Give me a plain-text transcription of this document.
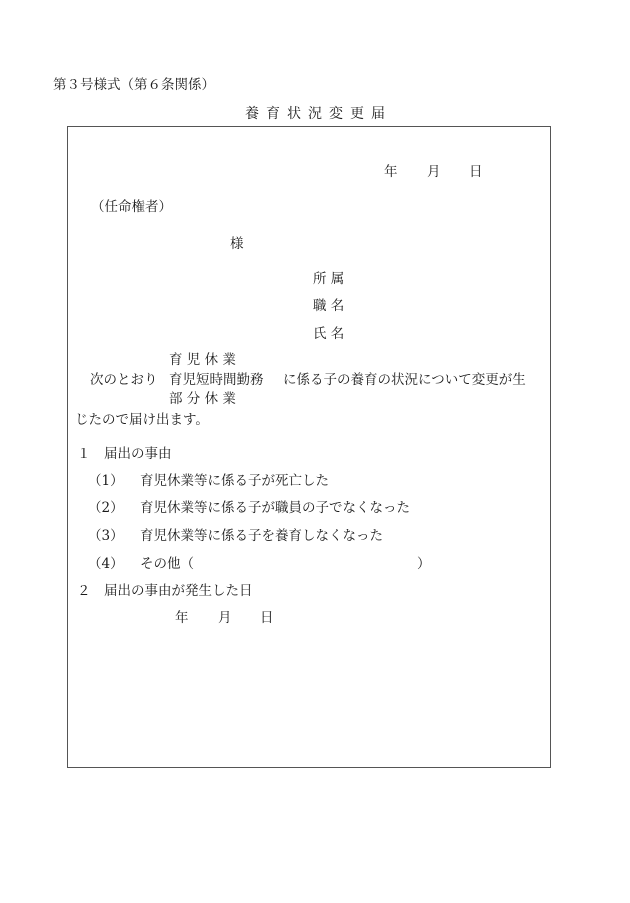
第３号様式（第６条関係）
養育状況変更届
年 月 日
（任命権者）
様
所 属
職 名
氏 名
育 児 休 業
次のとおり 育児短時間勤務 に係る子の養育の状況について変更が生
部 分 休 業
じたので届け出ます。
１　届出の事由
（1） 育児休業等に係る子が死亡した
（2） 育児休業等に係る子が職員の子でなくなった
（3） 育児休業等に係る子を養育しなくなった
（4） その他（	）
２　届出の事由が発生した日
年 月 日
